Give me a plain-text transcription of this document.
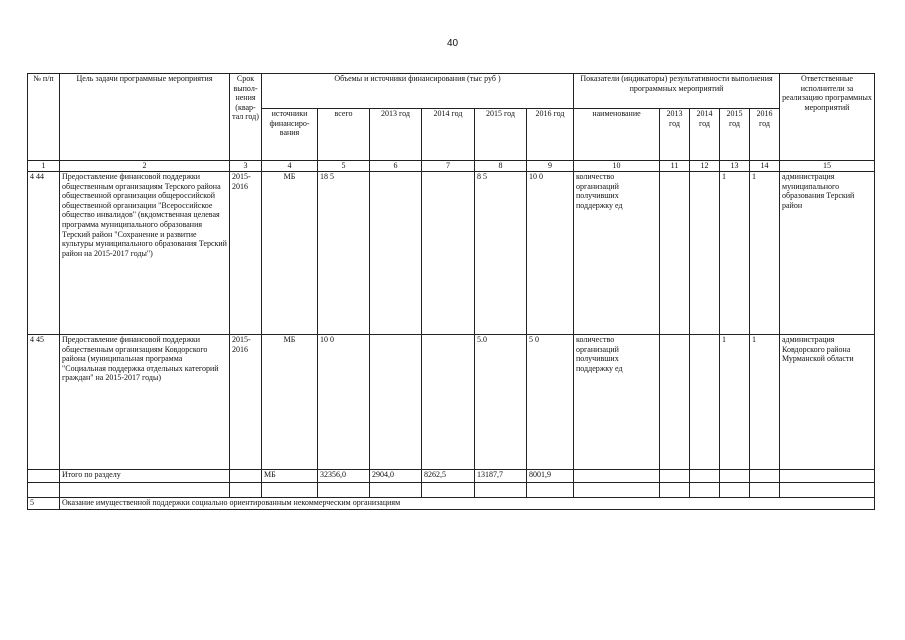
40
№ п/п	Цель задачи программные мероприятия	Срок выпол-нения (квар-тал год)	Объемы и источники финансирования (тыс руб )						Показатели (индикаторы) результативности выполнения программных мероприятий					Ответственные исполнители за реализацию программных мероприятий
			источники финансиро-вания	всего	2013 год	2014 год	2015 год	2016 год	наименование	2013 год	2014 год	2015 год	2016 год	
1	2	3	4	5	6	7	8	9	10	11	12	13	14	15
4 44	Предоставление финансовой поддержки общественным организациям Терского района общественной организации общероссийской общественной организации "Всероссийское общество инвалидов" (вкдомственная целевая программа муниципального образования Терский район "Сохранение и развитие культуры муниципального образования Терский район на 2015-2017 годы")	2015-2016	МБ	18 5			8 5	10 0	количество организаций получивших поддержку ед			1	1	администрация муниципального образования Терский район
4 45	Предоставление финансовой поддержки общественным организациям Ковдорского района (муниципальная программа "Социальная поддержка отдельных категорий граждан" на 2015-2017 годы)	2015-2016	МБ	10 0			5.0	5 0	количество организаций получивших поддержку ед			1	1	администрация Ковдорского района Мурманской области
	Итого по разделу		МБ	32356,0	2904,0	8262,5	13187,7	8001,9						

5	Оказание имущественной поддержки социально ориентированным некоммерческим организациям													
